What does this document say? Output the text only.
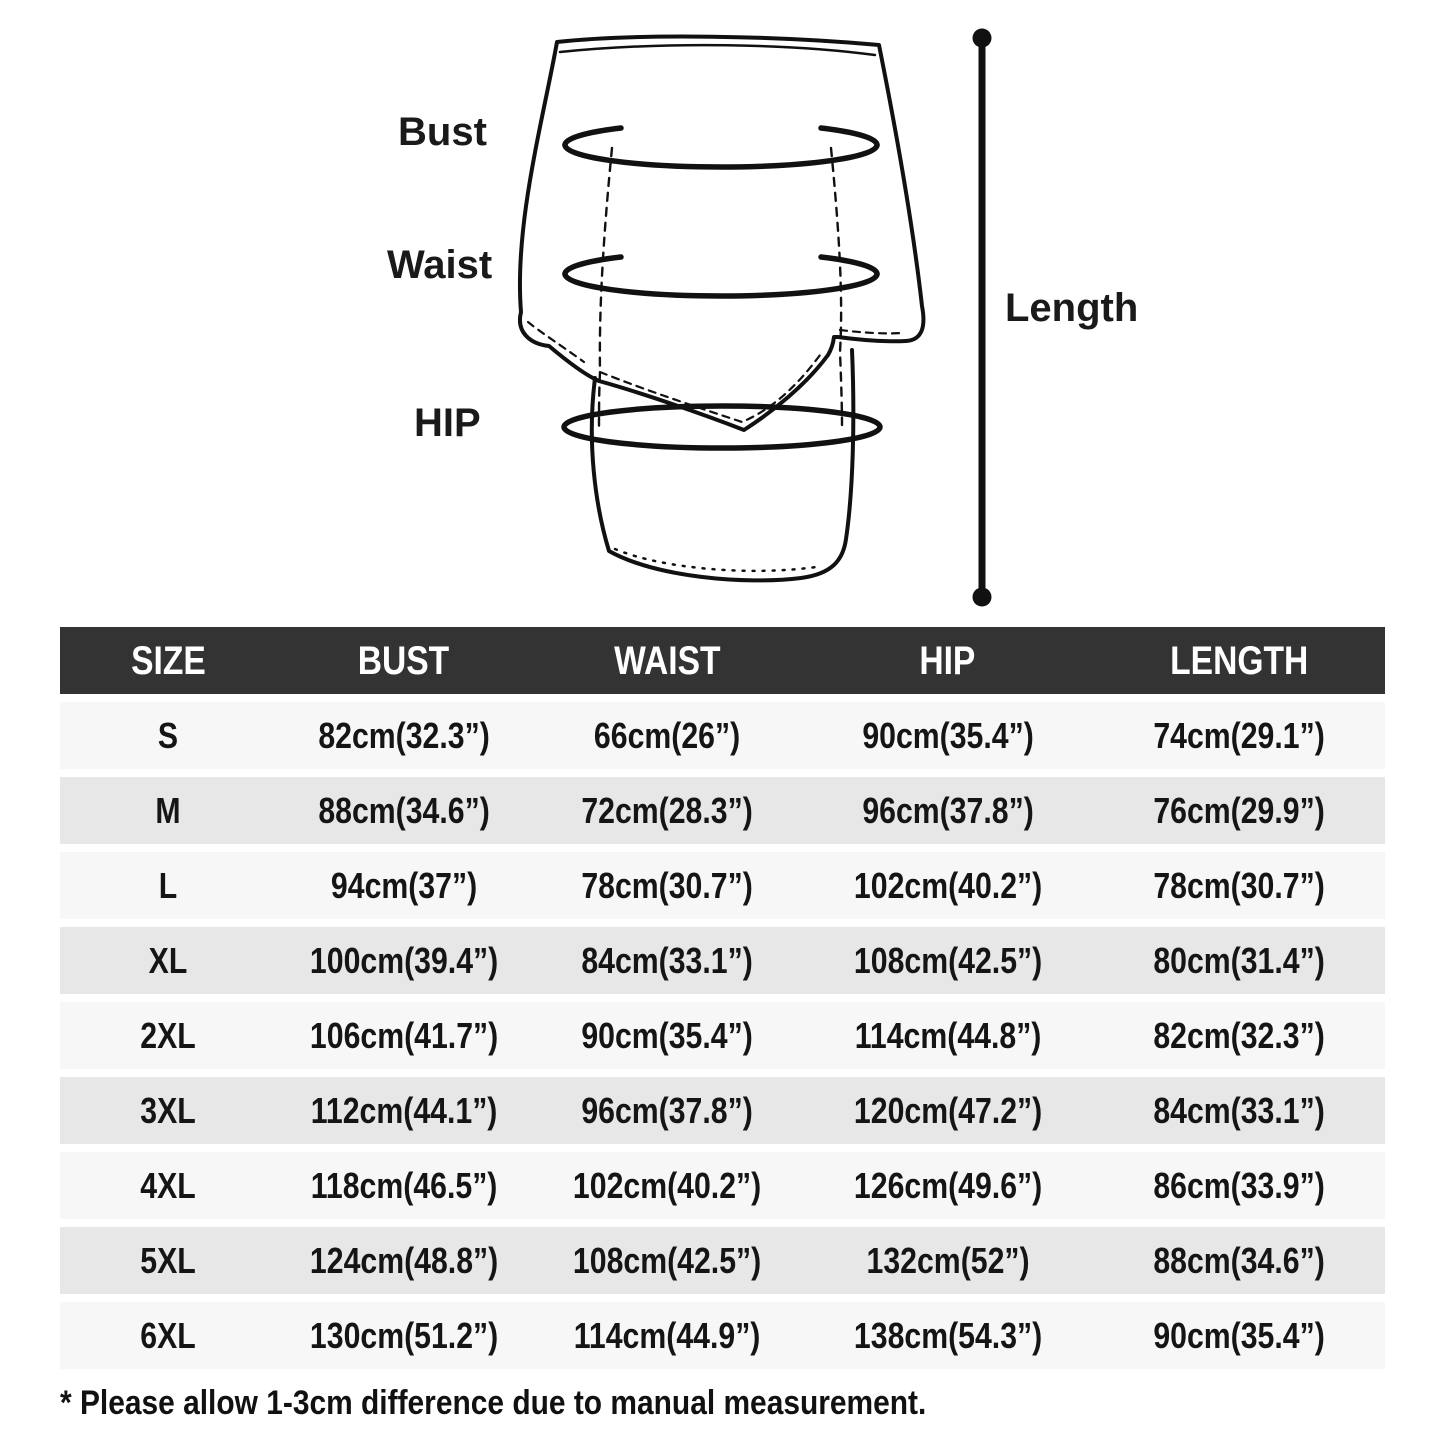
Bust
Waist
HIP
Length
SIZE	BUST	WAIST	HIP	LENGTH
S	82cm(32.3”)	66cm(26”)	90cm(35.4”)	74cm(29.1”)
M	88cm(34.6”)	72cm(28.3”)	96cm(37.8”)	76cm(29.9”)
L	94cm(37”)	78cm(30.7”)	102cm(40.2”)	78cm(30.7”)
XL	100cm(39.4”)	84cm(33.1”)	108cm(42.5”)	80cm(31.4”)
2XL	106cm(41.7”)	90cm(35.4”)	114cm(44.8”)	82cm(32.3”)
3XL	112cm(44.1”)	96cm(37.8”)	120cm(47.2”)	84cm(33.1”)
4XL	118cm(46.5”)	102cm(40.2”)	126cm(49.6”)	86cm(33.9”)
5XL	124cm(48.8”)	108cm(42.5”)	132cm(52”)	88cm(34.6”)
6XL	130cm(51.2”)	114cm(44.9”)	138cm(54.3”)	90cm(35.4”)
* Please allow 1-3cm difference due to manual measurement.
